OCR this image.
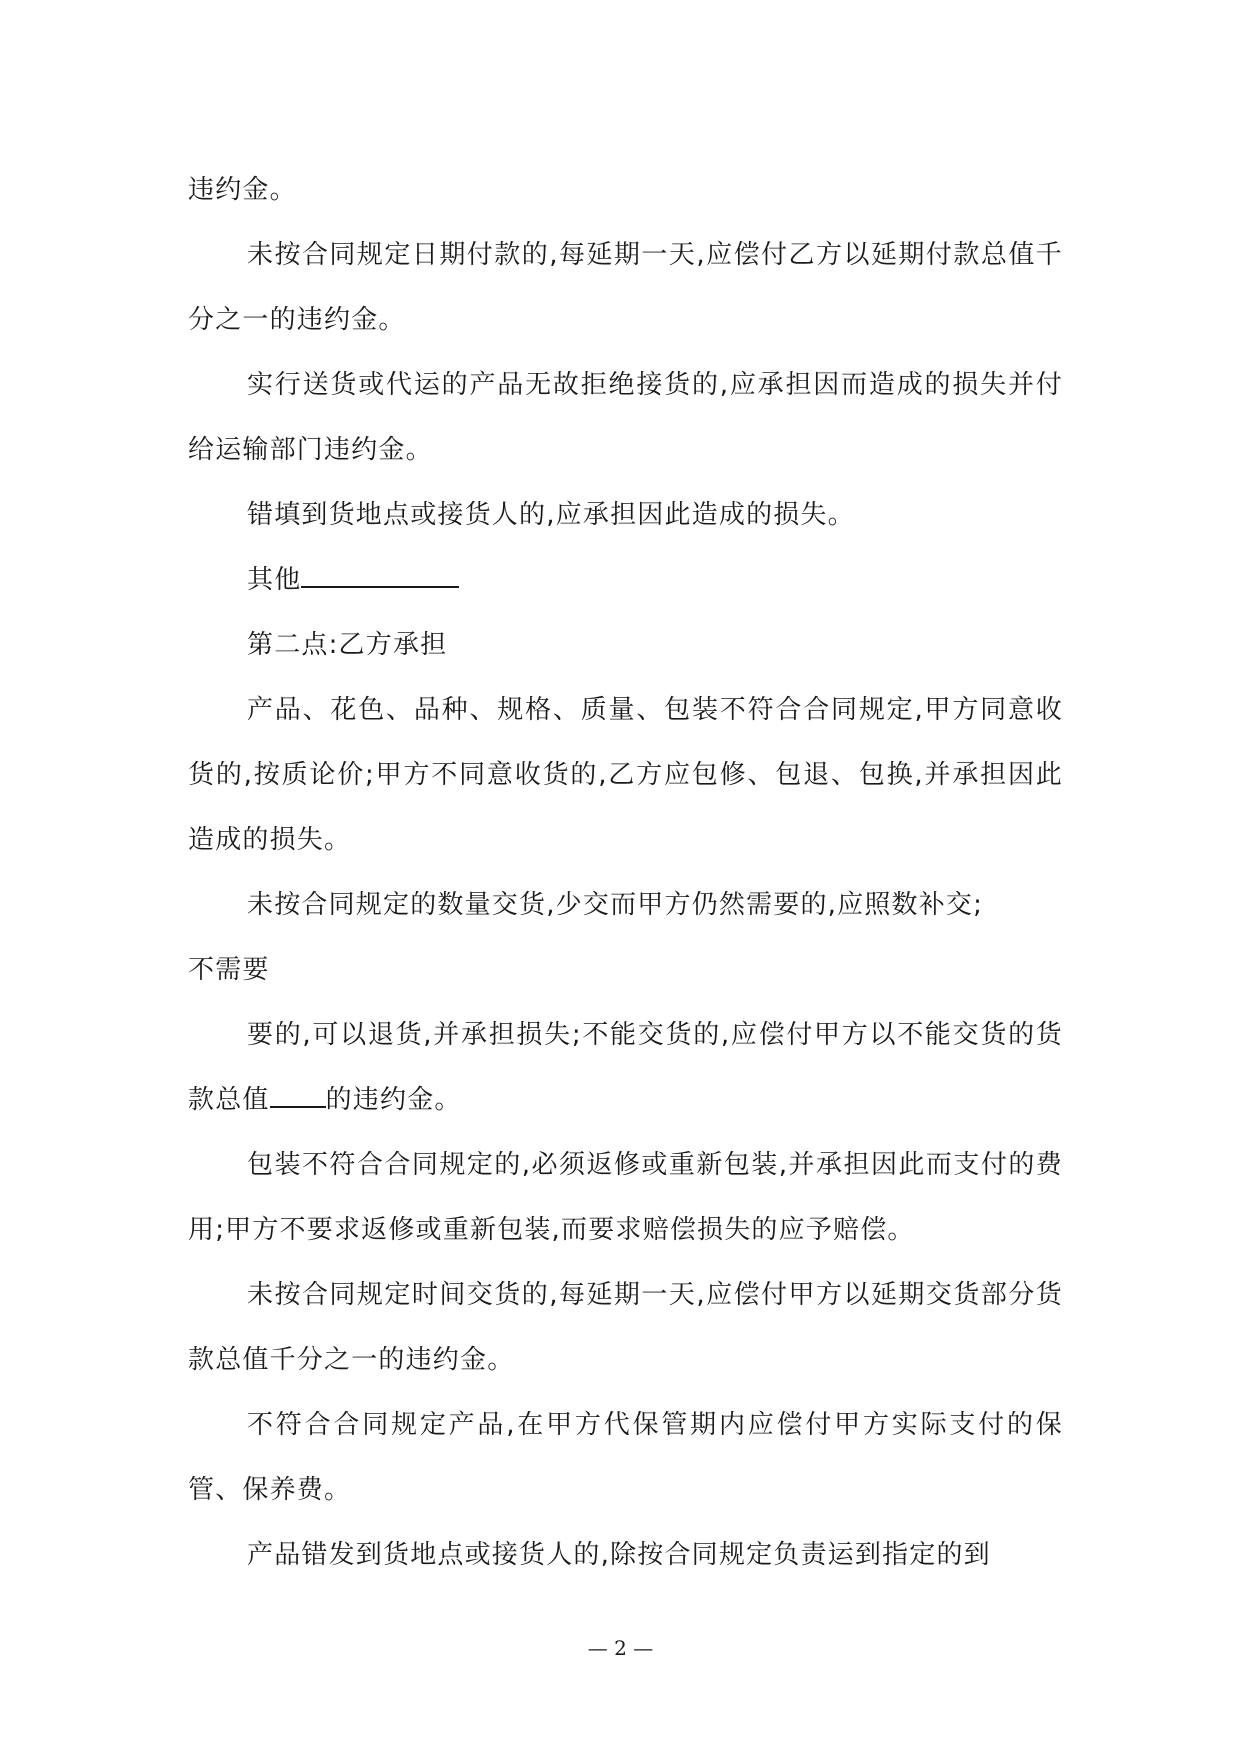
违约金。

未按合同规定日期付款的,每延期一天,应偿付乙方以延期付款总值千分之一的违约金。

实行送货或代运的产品无故拒绝接货的,应承担因而造成的损失并付给运输部门违约金。

错填到货地点或接货人的,应承担因此造成的损失。

其他

第二点:乙方承担

产品、花色、品种、规格、质量、包装不符合合同规定,甲方同意收货的,按质论价;甲方不同意收货的,乙方应包修、包退、包换,并承担因此造成的损失。

未按合同规定的数量交货,少交而甲方仍然需要的,应照数补交;

不需要

要的,可以退货,并承担损失;不能交货的,应偿付甲方以不能交货的货款总值 的违约金。

包装不符合合同规定的,必须返修或重新包装,并承担因此而支付的费用;甲方不要求返修或重新包装,而要求赔偿损失的应予赔偿。

未按合同规定时间交货的,每延期一天,应偿付甲方以延期交货部分货款总值千分之一的违约金。

不符合合同规定产品,在甲方代保管期内应偿付甲方实际支付的保管、保养费。

产品错发到货地点或接货人的,除按合同规定负责运到指定的到

— 2 —
